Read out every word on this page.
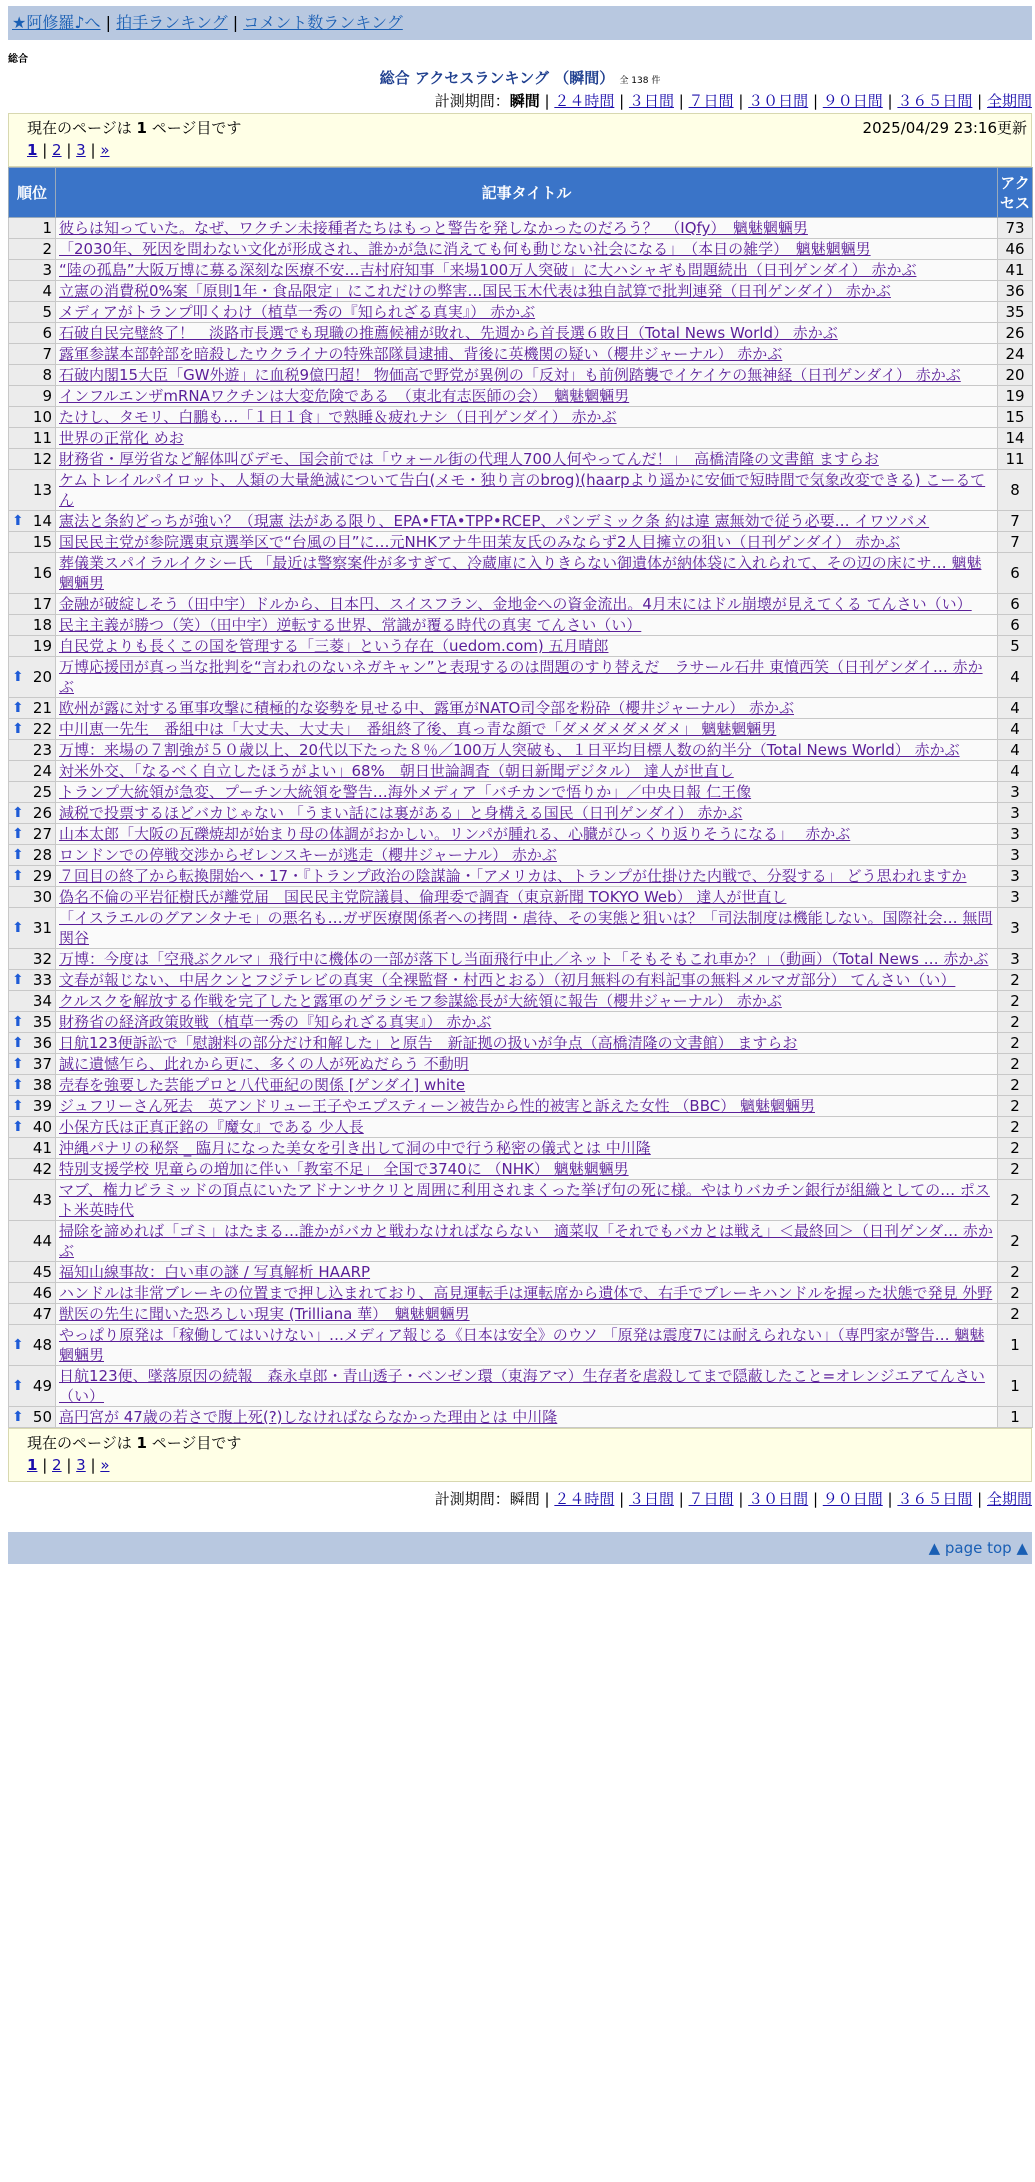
★阿修羅♪へ | 拍手ランキング | コメント数ランキング
総合
総合 アクセスランキング （瞬間） 全 138 件
計測期間：瞬間 | ２４時間 | ３日間 | ７日間 | ３０日間 | ９０日間 | ３６５日間 | 全期間
現在のページは 1 ページ目です	2025/04/29 23:16更新
1 | 2 | 3 | »
順位	記事タイトル	アクセス
1	彼らは知っていた。なぜ、ワクチン未接種者たちはもっと警告を発しなかったのだろう？　（IQfy）　魑魅魍魎男	73
2	「2030年、死因を問わない文化が形成され、誰かが急に消えても何も動じない社会になる」　（本日の雑学）　魑魅魍魎男	46
3	“陸の孤島”大阪万博に募る深刻な医療不安…吉村府知事「来場100万人突破」に大ハシャギも問題続出（日刊ゲンダイ） 赤かぶ	41
4	立憲の消費税0%案「原則1年・食品限定」にこれだけの弊害…国民玉木代表は独自試算で批判連発（日刊ゲンダイ） 赤かぶ	36
5	メディアがトランプ叩くわけ（植草一秀の『知られざる真実』） 赤かぶ	35
6	石破自民完璧終了！　淡路市長選でも現職の推薦候補が敗れ、先週から首長選６敗目（Total News World） 赤かぶ	26
7	露軍参謀本部幹部を暗殺したウクライナの特殊部隊員逮捕、背後に英機関の疑い（櫻井ジャーナル） 赤かぶ	24
8	石破内閣15大臣「GW外遊」に血税9億円超！ 物価高で野党が異例の「反対」も前例踏襲でイケイケの無神経（日刊ゲンダイ） 赤かぶ	20
9	インフルエンザmRNAワクチンは大変危険である　（東北有志医師の会）　魑魅魍魎男	19
10	たけし、タモリ、白鵬も…「１日１食」で熟睡＆疲れナシ（日刊ゲンダイ） 赤かぶ	15
11	世界の正常化 めお	14
12	財務省・厚労省など解体叫びデモ、国会前では「ウォール街の代理人700人何やってんだ！」　高橋清隆の文書館 ますらお	11
13	ケムトレイルパイロット、人類の大量絶滅について告白(メモ・独り言のbrog)(haarpより遥かに安価で短時間で気象改変できる) こーるてん	8

⬆ 14	憲法と条約どっちが強い？（現憲 法がある限り、EPA•FTA•TPP•RCEP、パンデミック条 約は違 憲無効で従う必要… イワツバメ	7
15	国民民主党が参院選東京選挙区で“台風の目”に…元NHKアナ牛田茉友氏のみならず2人目擁立の狙い（日刊ゲンダイ） 赤かぶ	7
16	葬儀業スパイラルイクシー氏 「最近は警察案件が多すぎて、冷蔵庫に入りきらない御遺体が納体袋に入れられて、その辺の床にサ… 魑魅魍魎男	6
17	金融が破綻しそう（田中宇）ドルから、日本円、スイスフラン、金地金への資金流出。4月末にはドル崩壊が見えてくる てんさい（い）	6
18	民主主義が勝つ（笑）（田中宇）逆転する世界、常識が覆る時代の真実 てんさい（い）	6
19	自民党よりも長くこの国を管理する「三菱」という存在（uedom.com) 五月晴郎	5

⬆ 20	万博応援団が真っ当な批判を“言われのないネガキャン”と表現するのは問題のすり替えだ　ラサール石井 東憤西笑（日刊ゲンダイ… 赤かぶ	4

⬆ 21	欧州が露に対する軍事攻撃に積極的な姿勢を見せる中、露軍がNATO司令部を粉砕（櫻井ジャーナル） 赤かぶ	4

⬆ 22	中川恵一先生　番組中は「大丈夫、大丈夫」　番組終了後、真っ青な顔で「ダメダメダメダメ」 魑魅魍魎男	4
23	万博：来場の７割強が５０歳以上、20代以下たった８％／100万人突破も、１日平均目標人数の約半分（Total News World） 赤かぶ	4
24	対米外交、「なるべく自立したほうがよい」68%　朝日世論調査（朝日新聞デジタル） 達人が世直し	4
25	トランプ大統領が急変、プーチン大統領を警告…海外メディア「バチカンで悟りか」／中央日報 仁王像	3

⬆ 26	減税で投票するほどバカじゃない 「うまい話には裏がある」と身構える国民（日刊ゲンダイ） 赤かぶ	3

⬆ 27	山本太郎「大阪の瓦礫焼却が始まり母の体調がおかしい。リンパが腫れる、心臓がひっくり返りそうになる」　 赤かぶ	3

⬆ 28	ロンドンでの停戦交渉からゼレンスキーが逃走（櫻井ジャーナル） 赤かぶ	3

⬆ 29	７回目の終了から転換開始へ・17・『トランプ政治の陰謀論・「アメリカは、トランプが仕掛けた内戦で、分裂する」 どう思われますか	3
30	偽名不倫の平岩征樹氏が離党届　国民民主党院議員、倫理委で調査（東京新聞 TOKYO Web） 達人が世直し	3

⬆ 31	「イスラエルのグアンタナモ」の悪名も…ガザ医療関係者への拷問・虐待、その実態と狙いは？「司法制度は機能しない。国際社会… 無問関谷	3
32	万博：今度は「空飛ぶクルマ」飛行中に機体の一部が落下し当面飛行中止／ネット「そもそもこれ車か？」（動画）（Total News … 赤かぶ	3

⬆ 33	文春が報じない、中居クンとフジテレビの真実（全裸監督・村西とおる）（初月無料の有料記事の無料メルマガ部分） てんさい（い）	2
34	クルスクを解放する作戦を完了したと露軍のゲラシモフ参謀総長が大統領に報告（櫻井ジャーナル） 赤かぶ	2

⬆ 35	財務省の経済政策敗戦（植草一秀の『知られざる真実』） 赤かぶ	2

⬆ 36	日航123便訴訟で「慰謝料の部分だけ和解した」と原告　新証拠の扱いが争点（高橋清隆の文書館） ますらお	2

⬆ 37	誠に遺憾乍ら、此れから更に、多くの人が死ぬだらう 不動明	2

⬆ 38	売春を強要した芸能プロと八代亜紀の関係 [ゲンダイ] white	2

⬆ 39	ジュフリーさん死去　英アンドリュー王子やエプスティーン被告から性的被害と訴えた女性 （BBC） 魑魅魍魎男	2

⬆ 40	小保方氏は正真正銘の『魔女』である 少人長	2
41	沖縄パナリの秘祭 _ 臨月になった美女を引き出して洞の中で行う秘密の儀式とは 中川隆	2
42	特別支援学校 児童らの増加に伴い「教室不足」 全国で3740に （NHK） 魑魅魍魎男	2
43	マブ、権力ピラミッドの頂点にいたアドナンサクリと周囲に利用されまくった挙げ句の死に様。やはりバカチン銀行が組織としての… ポスト米英時代	2
44	掃除を諦めれば「ゴミ」はたまる…誰かがバカと戦わなければならない　適菜収「それでもバカとは戦え」＜最終回＞（日刊ゲンダ… 赤かぶ	2
45	福知山線事故：白い車の謎 / 写真解析 HAARP	2
46	ハンドルは非常ブレーキの位置まで押し込まれており、高見運転手は運転席から遺体で、右手でブレーキハンドルを握った状態で発見 外野	2
47	獣医の先生に聞いた恐ろしい現実 (Trilliana 華）　魑魅魍魎男	2

⬆ 48	やっぱり原発は「稼働してはいけない」…メディア報じる《日本は安全》のウソ 「原発は震度7には耐えられない」（専門家が警告… 魑魅魍魎男	1

⬆ 49	日航123便、墜落原因の続報　森永卓郎・青山透子・ベンゼン環（東海アマ）生存者を虐殺してまで隠蔽したこと=オレンジエアてんさい（い）	1

⬆ 50	高円宮が 47歳の若さで腹上死(?)しなければならなかった理由とは 中川隆	1
現在のページは 1 ページ目です
1 | 2 | 3 | »
計測期間：瞬間 | ２４時間 | ３日間 | ７日間 | ３０日間 | ９０日間 | ３６５日間 | 全期間
▲ page top ▲
